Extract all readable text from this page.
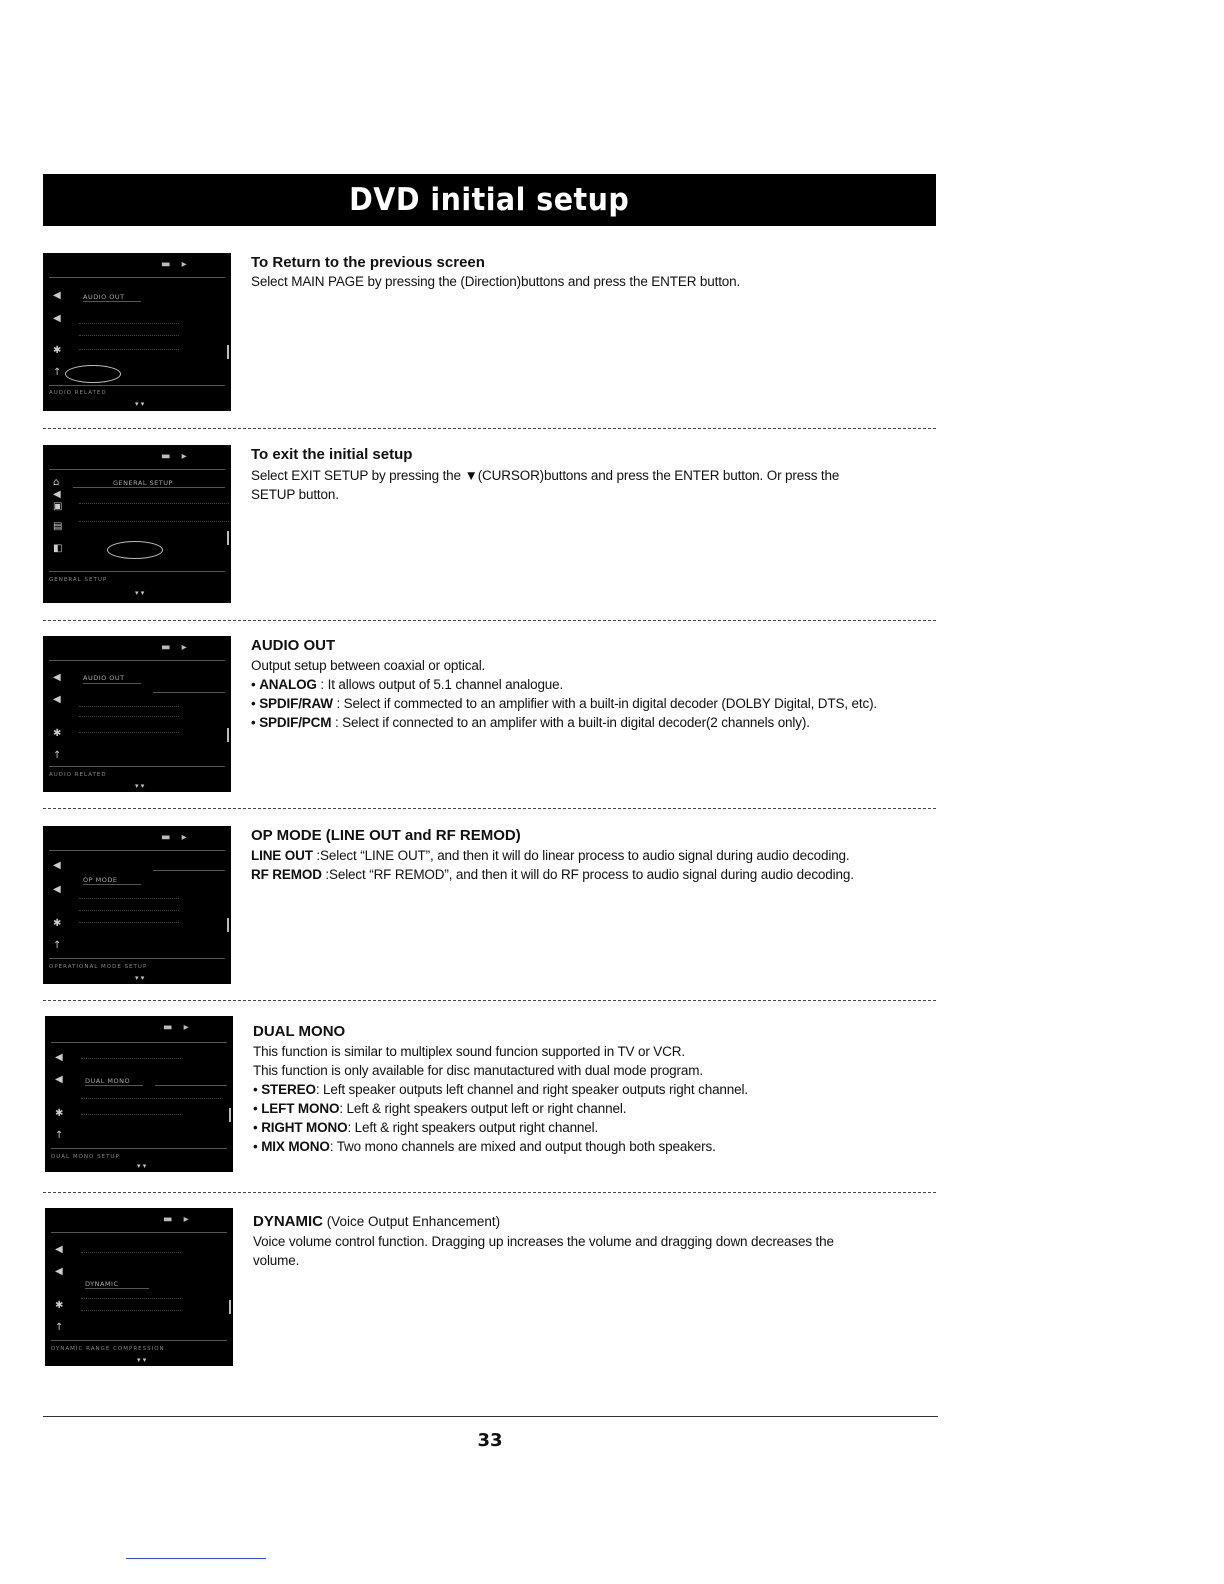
DVD initial setup
▬ ▸
◀	AUDIO OUT
◀
✱
↑
AUDIO RELATED
▾ ▾

To Return to the previous screen

Select MAIN PAGE by pressing the (Direction)buttons and press the ENTER button.

▬ ▸
⌂	GENERAL SETUP
◀
▣
▤
◧
GENERAL SETUP
▾ ▾

To exit the initial setup

Select EXIT SETUP by pressing the ▼(CURSOR)buttons and press the ENTER button. Or press the

SETUP button.

▬ ▸
◀	AUDIO OUT
◀
✱
↑
AUDIO RELATED
▾ ▾

AUDIO OUT

Output setup between coaxial or optical.

• ANALOG : It allows output of 5.1 channel analogue.

• SPDIF/RAW : Select if commected to an amplifier with a built-in digital decoder (DOLBY Digital, DTS, etc).

• SPDIF/PCM : Select if connected to an amplifer with a built-in digital decoder(2 channels only).

▬ ▸
◀
OP MODE
◀
✱
↑
OPERATIONAL MODE SETUP
▾ ▾

OP MODE (LINE OUT and RF REMOD)

LINE OUT :Select “LINE OUT”, and then it will do linear process to audio signal during audio decoding.

RF REMOD :Select “RF REMOD”, and then it will do RF process to audio signal during audio decoding.

▬ ▸
◀
◀	DUAL MONO
✱
↑
DUAL MONO SETUP
▾ ▾

DUAL MONO

This function is similar to multiplex sound funcion supported in TV or VCR.

This function is only available for disc manutactured with dual mode program.

• STEREO: Left speaker outputs left channel and right speaker outputs right channel.

• LEFT MONO: Left & right speakers output left or right channel.

• RIGHT MONO: Left & right speakers output right channel.

• MIX MONO: Two mono channels are mixed and output though both speakers.

▬ ▸
◀
◀
DYNAMIC
✱
↑
DYNAMIC RANGE COMPRESSION
▾ ▾

DYNAMIC (Voice Output Enhancement)

Voice volume control function. Dragging up increases the volume and dragging down decreases the

volume.

33
